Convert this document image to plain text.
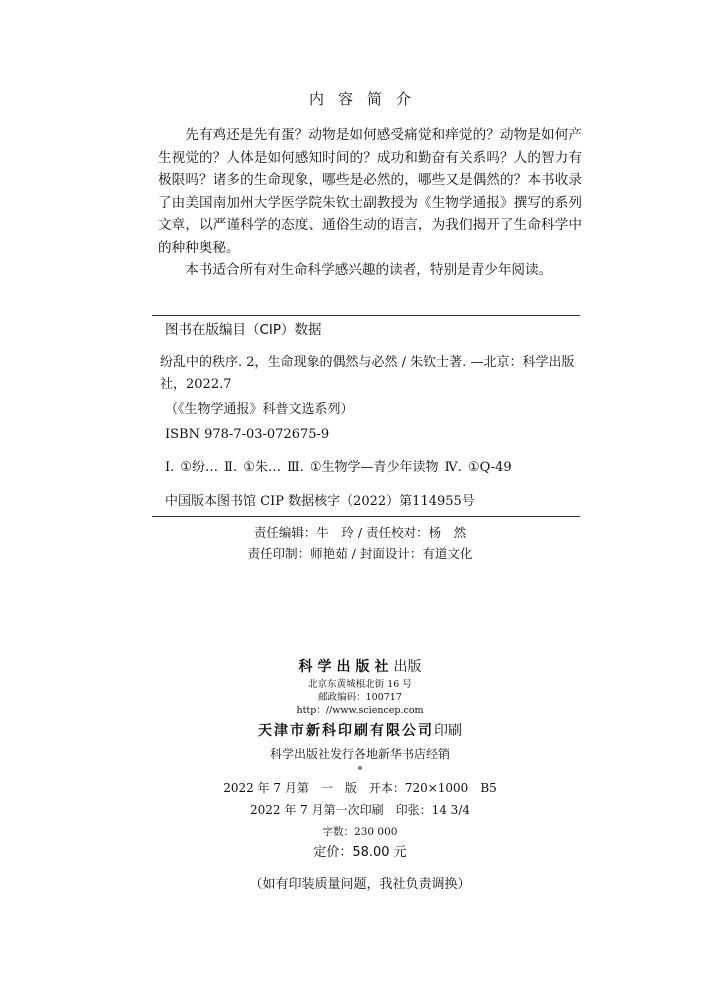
内容简介

先有鸡还是先有蛋？动物是如何感受痛觉和痒觉的？动物是如何产生视觉的？人体是如何感知时间的？成功和勤奋有关系吗？人的智力有极限吗？诸多的生命现象，哪些是必然的，哪些又是偶然的？本书收录了由美国南加州大学医学院朱钦士副教授为《生物学通报》撰写的系列文章，以严谨科学的态度、通俗生动的语言，为我们揭开了生命科学中的种种奥秘。

本书适合所有对生命科学感兴趣的读者，特别是青少年阅读。

图书在版编目（CIP）数据
纷乱中的秩序. 2，生命现象的偶然与必然 / 朱钦士著. —北京：科学出版社，2022.7
（《生物学通报》科普文选系列）
ISBN 978-7-03-072675-9
Ⅰ. ①纷… Ⅱ. ①朱… Ⅲ. ①生物学—青少年读物 Ⅳ. ①Q-49
中国版本图书馆 CIP 数据核字（2022）第114955号
责任编辑：牛　玲 / 责任校对：杨　然
责任印制：师艳茹 / 封面设计：有道文化
科学出版社出版
北京东黄城根北街 16 号
邮政编码：100717
http：//www.sciencep.com
天津市新科印刷有限公司印刷
科学出版社发行各地新华书店经销
*
2022 年 7 月第　一　版　开本：720×1000　B5
2022 年 7 月第一次印刷　印张：14 3/4
字数：230 000
定价：58.00 元
（如有印装质量问题，我社负责调换）
